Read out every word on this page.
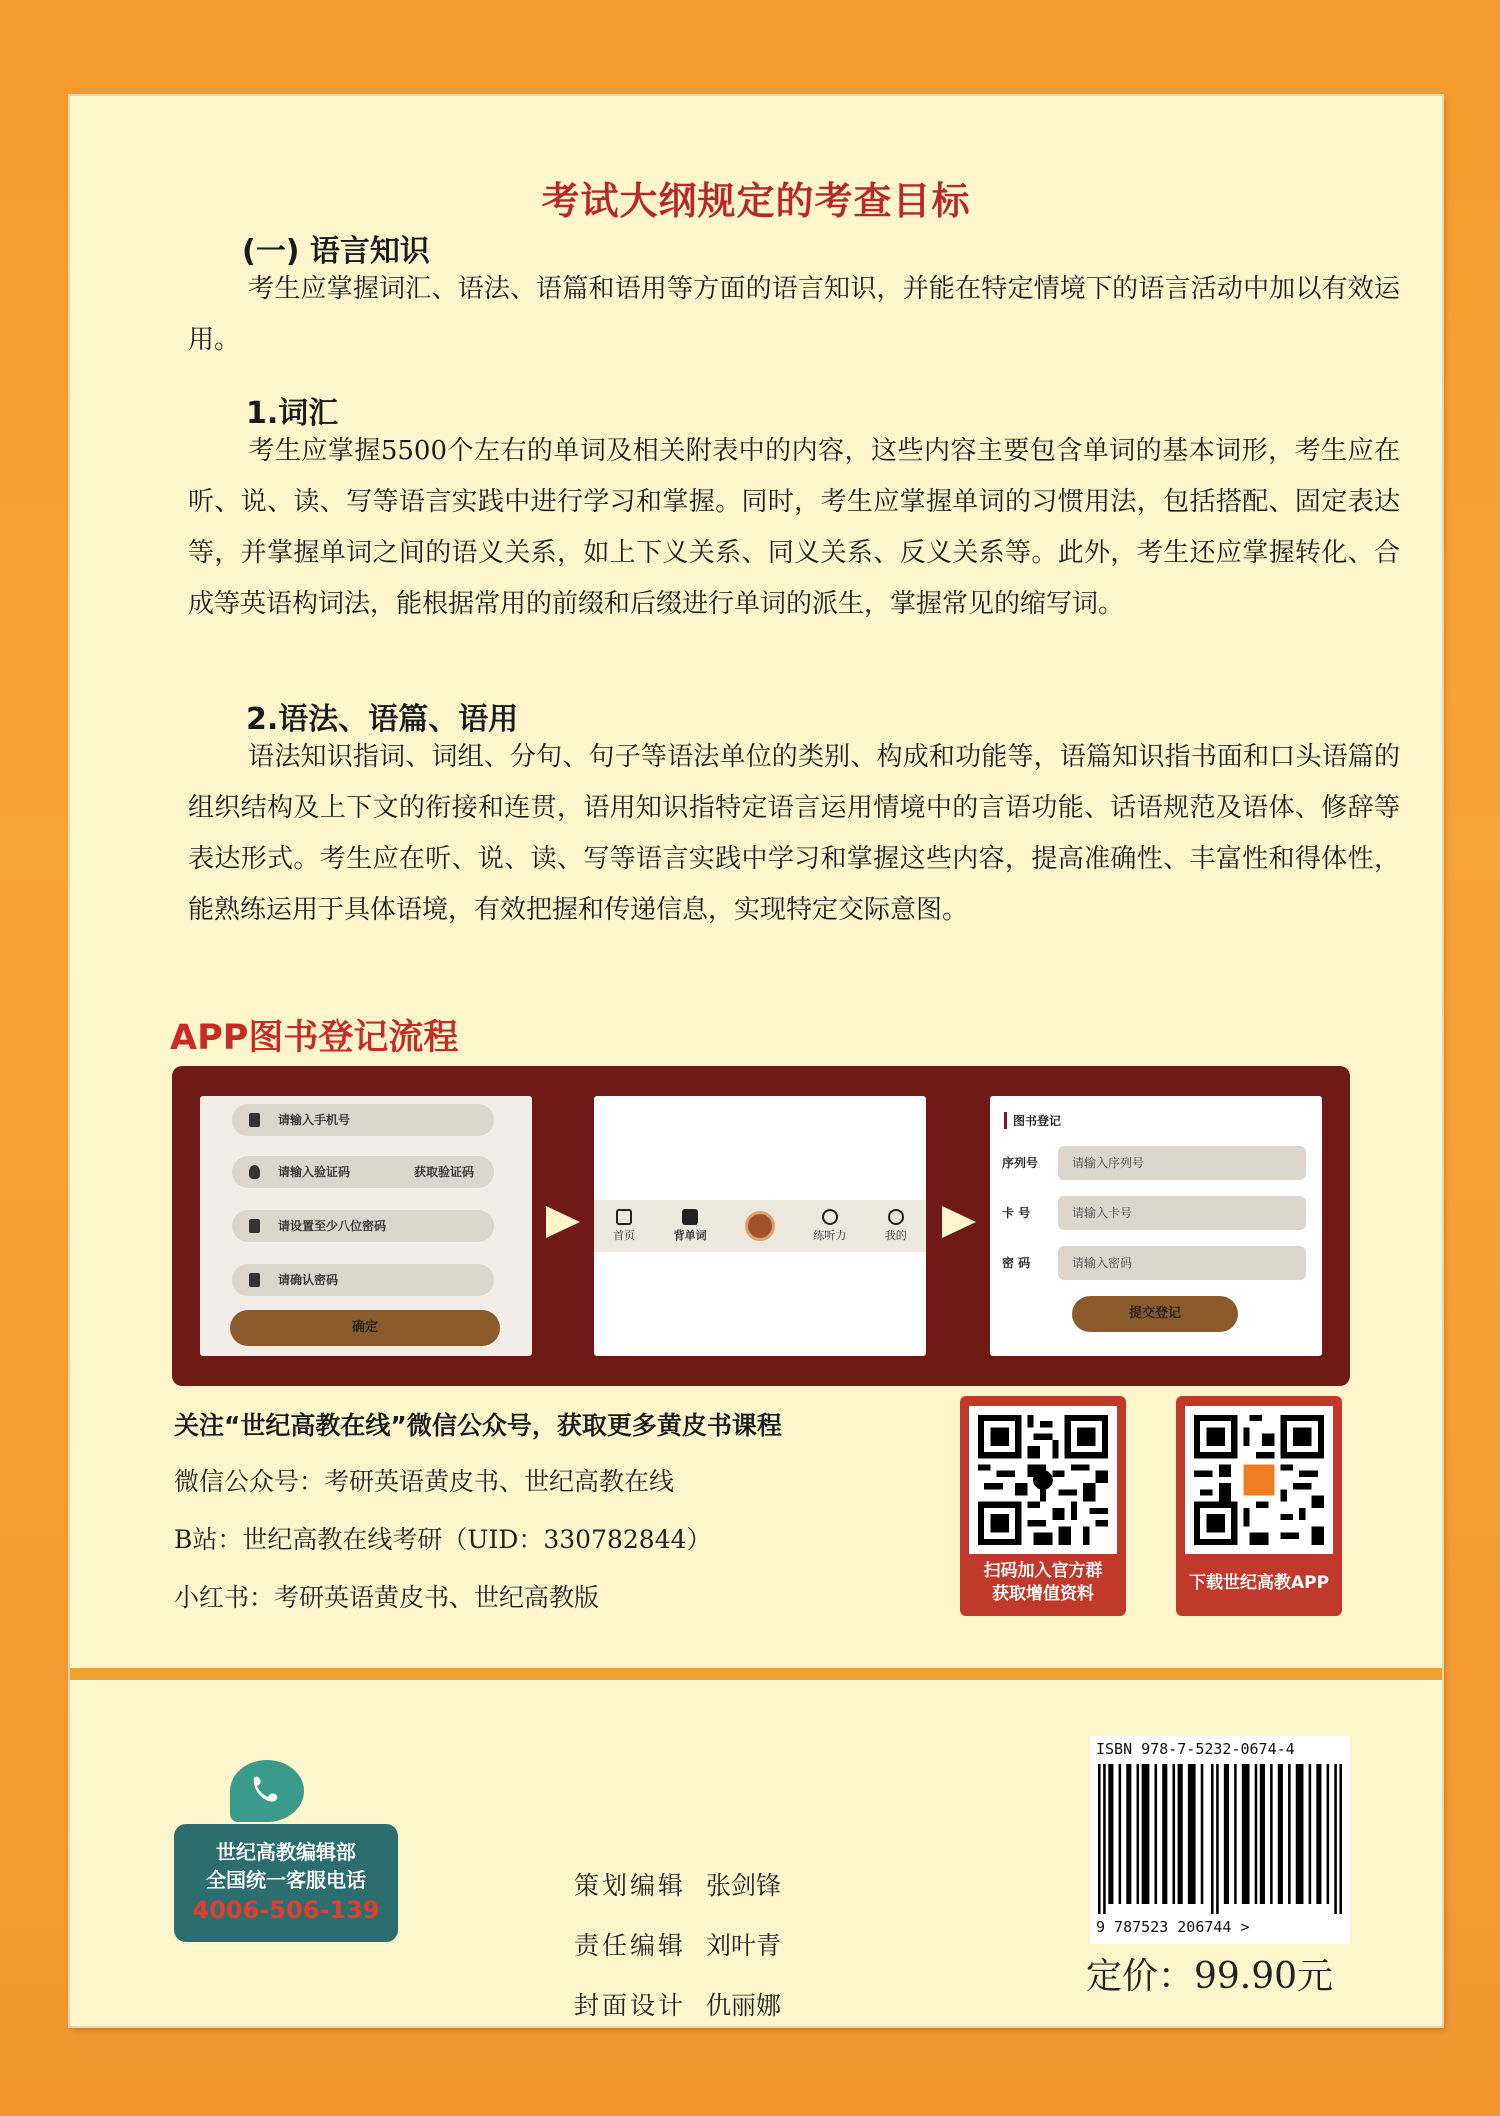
考试大纲规定的考查目标
(一) 语言知识
考生应掌握词汇、语法、语篇和语用等方面的语言知识，并能在特定情境下的语言活动中加以有效运用。
1.词汇
考生应掌握5500个左右的单词及相关附表中的内容，这些内容主要包含单词的基本词形，考生应在听、说、读、写等语言实践中进行学习和掌握。同时，考生应掌握单词的习惯用法，包括搭配、固定表达等，并掌握单词之间的语义关系，如上下义关系、同义关系、反义关系等。此外，考生还应掌握转化、合成等英语构词法，能根据常用的前缀和后缀进行单词的派生，掌握常见的缩写词。
2.语法、语篇、语用
语法知识指词、词组、分句、句子等语法单位的类别、构成和功能等，语篇知识指书面和口头语篇的组织结构及上下文的衔接和连贯，语用知识指特定语言运用情境中的言语功能、话语规范及语体、修辞等表达形式。考生应在听、说、读、写等语言实践中学习和掌握这些内容，提高准确性、丰富性和得体性，能熟练运用于具体语境，有效把握和传递信息，实现特定交际意图。
APP图书登记流程
请输入手机号
请输入验证码	获取验证码
请设置至少八位密码
请确认密码
确定
首页	背单词	练听力	我的
图书登记
序列号	请输入序列号
卡 号	请输入卡号
密 码	请输入密码
提交登记
关注“世纪高教在线”微信公众号，获取更多黄皮书课程
微信公众号：考研英语黄皮书、世纪高教在线
B站：世纪高教在线考研（UID：330782844）
小红书：考研英语黄皮书、世纪高教版
扫码加入官方群
获取增值资料
下载世纪高教APP
世纪高教编辑部
全国统一客服电话
4006-506-139
策划编辑 张剑锋
责任编辑 刘叶青
封面设计 仇丽娜
ISBN 978-7-5232-0674-4
9 787523 206744 >
定价：99.90元
